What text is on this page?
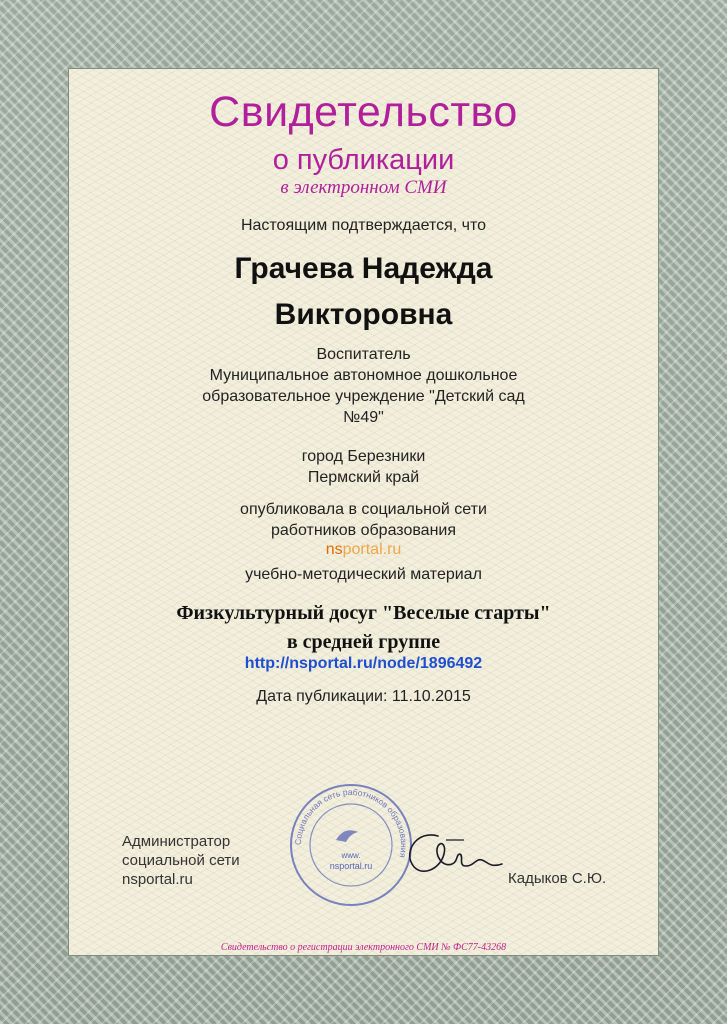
Свидетельство
о публикации
в электронном СМИ
Настоящим подтверждается, что
Грачева Надежда
Викторовна
Воспитатель
Муниципальное автономное дошкольное
образовательное учреждение "Детский сад
№49"
город Березники
Пермский край
опубликовала в социальной сети
работников образования
nsportal.ru
учебно-методический материал
Физкультурный досуг "Веселые старты"
в средней группе
http://nsportal.ru/node/1896492
Дата публикации: 11.10.2015
Администратор
социальной сети
nsportal.ru
Социальная сеть работников образования
www.
nsportal.ru
Кадыков С.Ю.
Свидетельство о регистрации электронного СМИ № ФС77-43268
